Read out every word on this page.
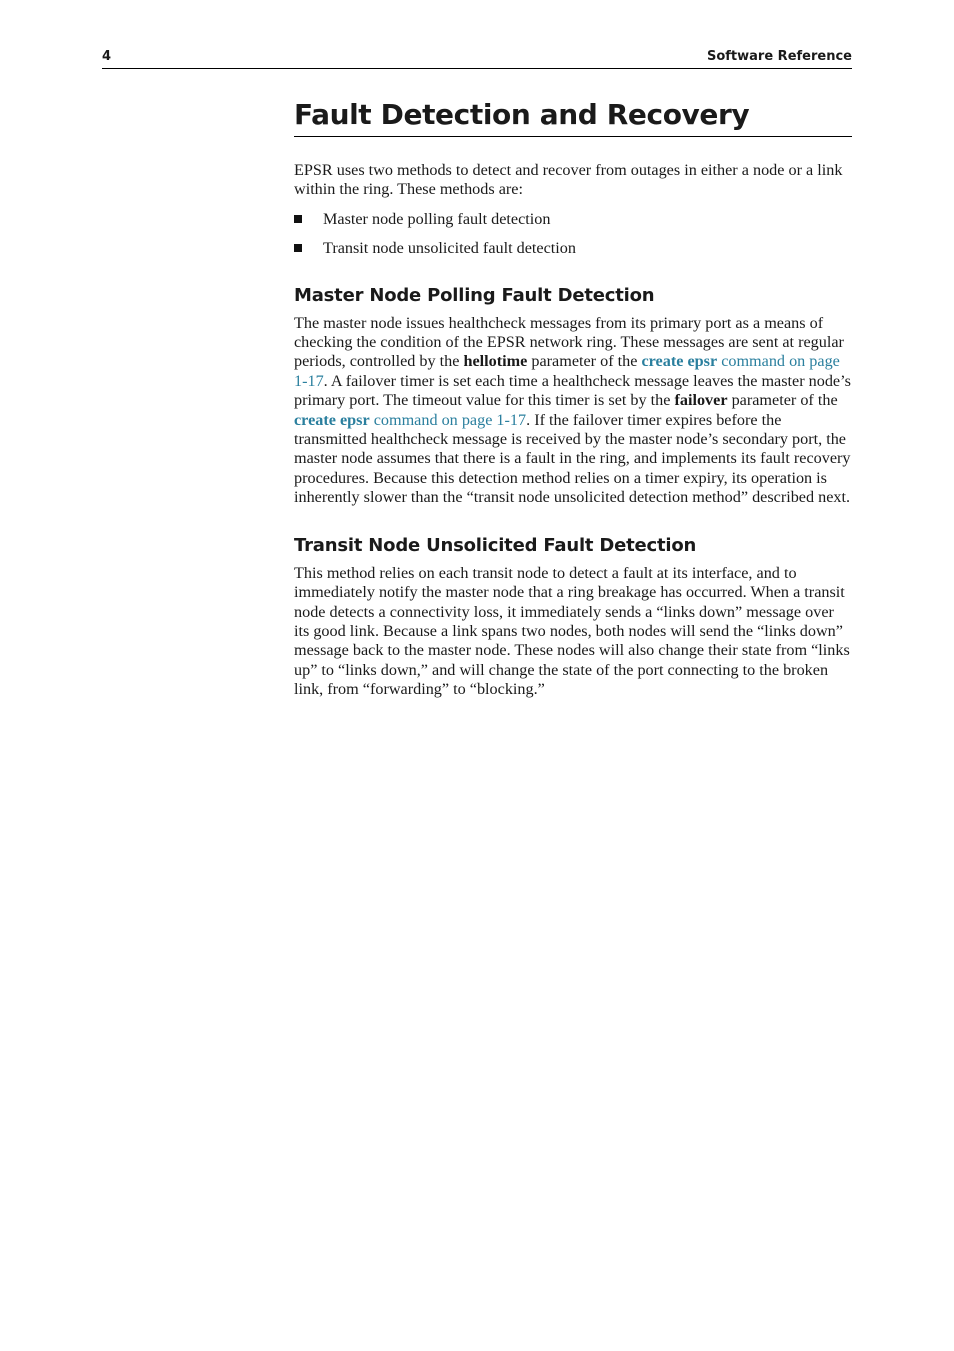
4	Software Reference
Fault Detection and Recovery

EPSR uses two methods to detect and recover from outages in either a node or a link within the ring. These methods are:

Master node polling fault detection
Transit node unsolicited fault detection
Master Node Polling Fault Detection

The master node issues healthcheck messages from its primary port as a means of checking the condition of the EPSR network ring. These messages are sent at regular periods, controlled by the hellotime parameter of the create epsr command on page 1-17. A failover timer is set each time a healthcheck message leaves the master node’s primary port. The timeout value for this timer is set by the failover parameter of the create epsr command on page 1-17. If the failover timer expires before the transmitted healthcheck message is received by the master node’s secondary port, the master node assumes that there is a fault in the ring, and implements its fault recovery procedures. Because this detection method relies on a timer expiry, its operation is inherently slower than the “transit node unsolicited detection method” described next.

Transit Node Unsolicited Fault Detection

This method relies on each transit node to detect a fault at its interface, and to immediately notify the master node that a ring breakage has occurred. When a transit node detects a connectivity loss, it immediately sends a “links down” message over its good link. Because a link spans two nodes, both nodes will send the “links down” message back to the master node. These nodes will also change their state from “links up” to “links down,” and will change the state of the port connecting to the broken link, from “forwarding” to “blocking.”
